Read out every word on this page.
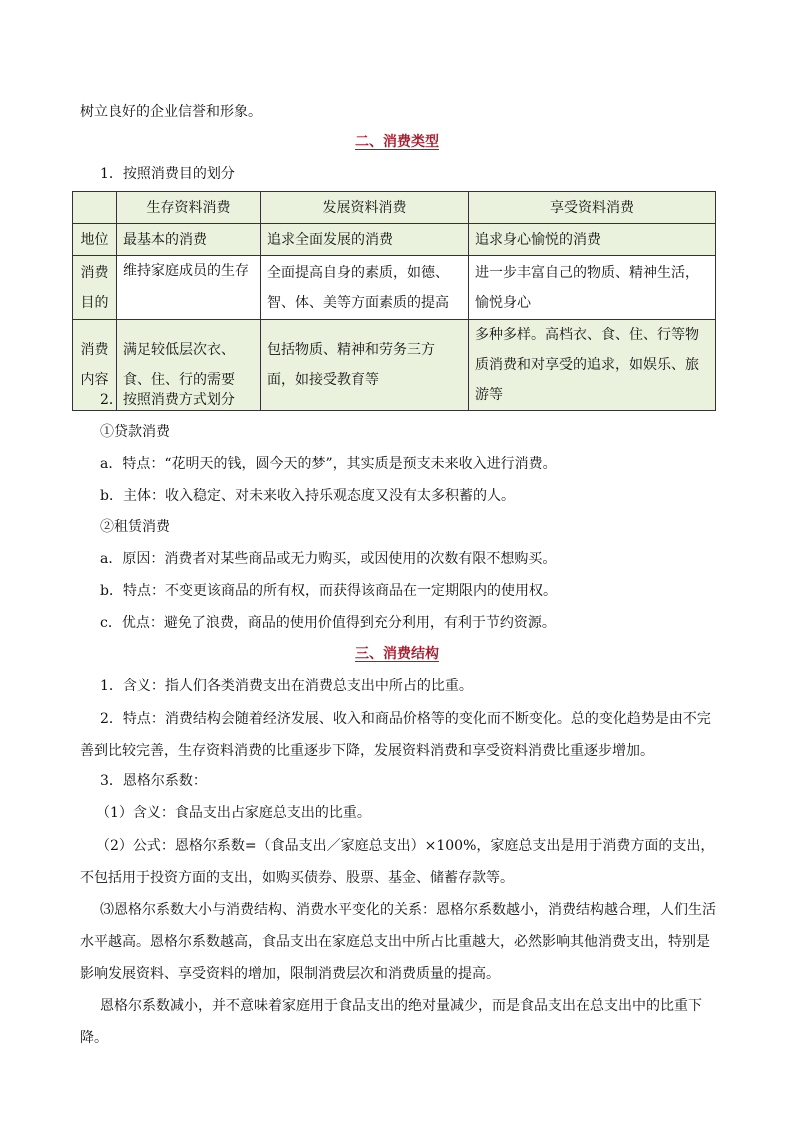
树立良好的企业信誉和形象。
二、消费类型
1．按照消费目的划分
	生存资料消费	发展资料消费	享受资料消费
地位	最基本的消费	追求全面发展的消费	追求身心愉悦的消费
消费目的	维持家庭成员的生存	全面提高自身的素质，如德、智、体、美等方面素质的提高	进一步丰富自己的物质、精神生活，愉悦身心
消费内容	满足较低层次衣、食、住、行的需要	包括物质、精神和劳务三方面，如接受教育等	多种多样。高档衣、食、住、行等物质消费和对享受的追求，如娱乐、旅游等
2．按照消费方式划分
①贷款消费
a．特点：“花明天的钱，圆今天的梦”，其实质是预支未来收入进行消费。
b．主体：收入稳定、对未来收入持乐观态度又没有太多积蓄的人。
②租赁消费
a．原因：消费者对某些商品或无力购买，或因使用的次数有限不想购买。
b．特点：不变更该商品的所有权，而获得该商品在一定期限内的使用权。
c．优点：避免了浪费，商品的使用价值得到充分利用，有利于节约资源。
三、消费结构
1．含义：指人们各类消费支出在消费总支出中所占的比重。
2．特点：消费结构会随着经济发展、收入和商品价格等的变化而不断变化。总的变化趋势是由不完善到比较完善，生存资料消费的比重逐步下降，发展资料消费和享受资料消费比重逐步增加。
3．恩格尔系数：
（1）含义：食品支出占家庭总支出的比重。
（2）公式：恩格尔系数=（食品支出／家庭总支出）×100%，家庭总支出是用于消费方面的支出，不包括用于投资方面的支出，如购买债券、股票、基金、储蓄存款等。
⑶恩格尔系数大小与消费结构、消费水平变化的关系：恩格尔系数越小，消费结构越合理，人们生活水平越高。恩格尔系数越高，食品支出在家庭总支出中所占比重越大，必然影响其他消费支出，特别是影响发展资料、享受资料的增加，限制消费层次和消费质量的提高。
恩格尔系数减小，并不意味着家庭用于食品支出的绝对量减少，而是食品支出在总支出中的比重下降。
